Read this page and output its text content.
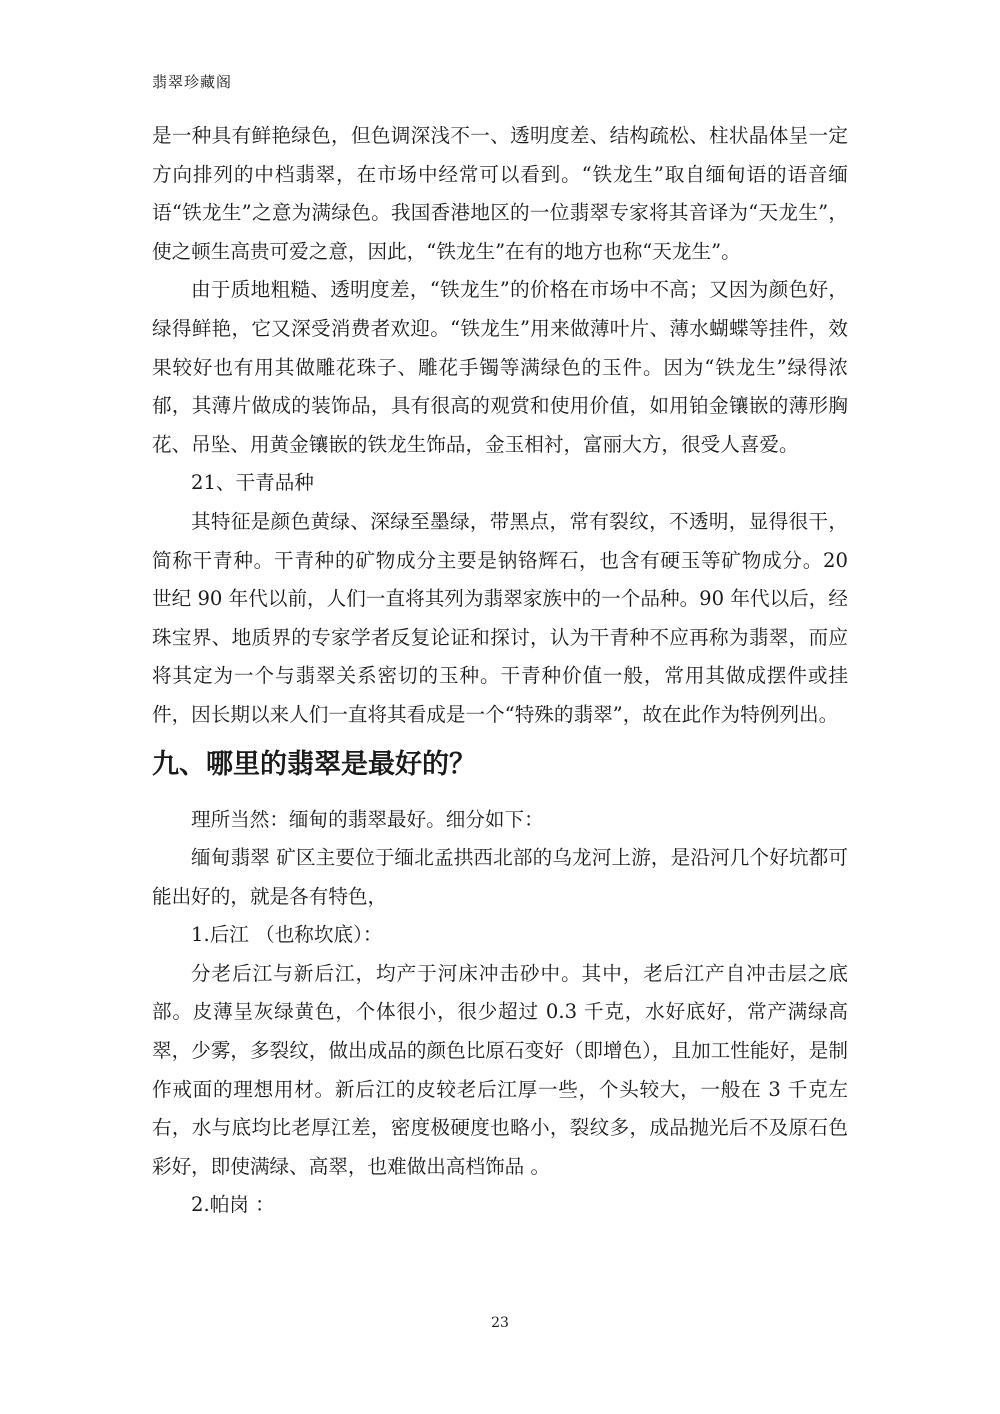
翡翠珍藏阁

是一种具有鲜艳绿色，但色调深浅不一、透明度差、结构疏松、柱状晶体呈一定方向排列的中档翡翠，在市场中经常可以看到。“铁龙生”取自缅甸语的语音缅语“铁龙生”之意为满绿色。我国香港地区的一位翡翠专家将其音译为“天龙生”，使之顿生高贵可爱之意，因此，“铁龙生”在有的地方也称“天龙生”。

由于质地粗糙、透明度差，“铁龙生”的价格在市场中不高；又因为颜色好，绿得鲜艳，它又深受消费者欢迎。“铁龙生”用来做薄叶片、薄水蝴蝶等挂件，效果较好也有用其做雕花珠子、雕花手镯等满绿色的玉件。因为“铁龙生”绿得浓郁，其薄片做成的装饰品，具有很高的观赏和使用价值，如用铂金镶嵌的薄形胸花、吊坠、用黄金镶嵌的铁龙生饰品，金玉相衬，富丽大方，很受人喜爱。

21、干青品种

其特征是颜色黄绿、深绿至墨绿，带黑点，常有裂纹，不透明，显得很干，简称干青种。干青种的矿物成分主要是钠铬辉石，也含有硬玉等矿物成分。20 世纪 90 年代以前，人们一直将其列为翡翠家族中的一个品种。90 年代以后，经珠宝界、地质界的专家学者反复论证和探讨，认为干青种不应再称为翡翠，而应将其定为一个与翡翠关系密切的玉种。干青种价值一般，常用其做成摆件或挂件，因长期以来人们一直将其看成是一个“特殊的翡翠”，故在此作为特例列出。

九、哪里的翡翠是最好的？

理所当然：缅甸的翡翠最好。细分如下：

缅甸翡翠 矿区主要位于缅北孟拱西北部的乌龙河上游，是沿河几个好坑都可能出好的，就是各有特色，

1.后江 （也称坎底）：

分老后江与新后江，均产于河床冲击砂中。其中，老后江产自冲击层之底部。皮薄呈灰绿黄色，个体很小，很少超过 0.3 千克，水好底好，常产满绿高翠，少雾，多裂纹，做出成品的颜色比原石变好（即增色），且加工性能好，是制作戒面的理想用材。新后江的皮较老后江厚一些，个头较大，一般在 3 千克左右，水与底均比老厚江差，密度极硬度也略小，裂纹多，成品抛光后不及原石色彩好，即使满绿、高翠，也难做出高档饰品 。

2.帕岗 ：

23
